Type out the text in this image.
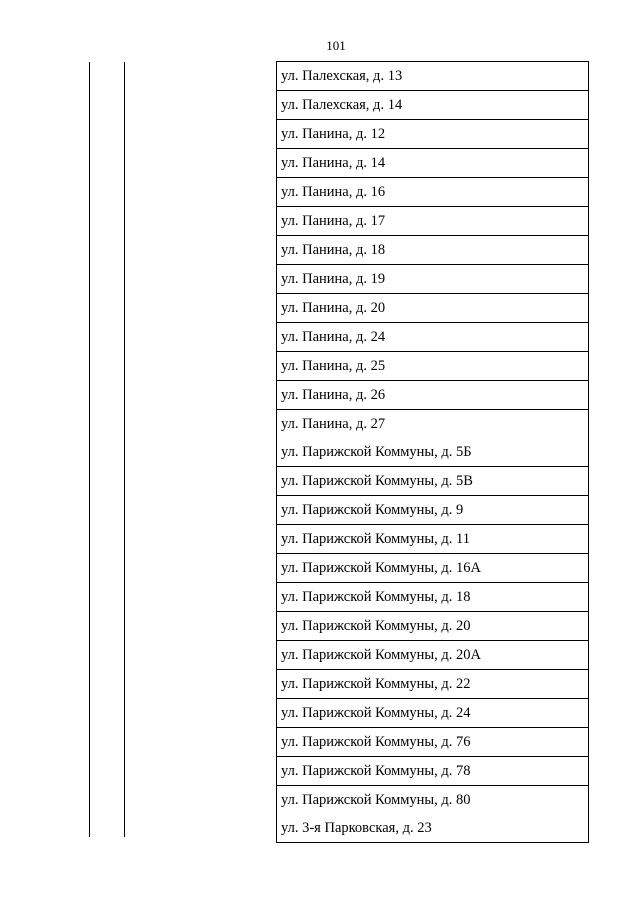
101
ул. Палехская, д. 13
ул. Палехская, д. 14
ул. Панина, д. 12
ул. Панина, д. 14
ул. Панина, д. 16
ул. Панина, д. 17
ул. Панина, д. 18
ул. Панина, д. 19
ул. Панина, д. 20
ул. Панина, д. 24
ул. Панина, д. 25
ул. Панина, д. 26
ул. Панина, д. 27
ул. Парижской Коммуны, д. 5Б
ул. Парижской Коммуны, д. 5В
ул. Парижской Коммуны, д. 9
ул. Парижской Коммуны, д. 11
ул. Парижской Коммуны, д. 16А
ул. Парижской Коммуны, д. 18
ул. Парижской Коммуны, д. 20
ул. Парижской Коммуны, д. 20А
ул. Парижской Коммуны, д. 22
ул. Парижской Коммуны, д. 24
ул. Парижской Коммуны, д. 76
ул. Парижской Коммуны, д. 78
ул. Парижской Коммуны, д. 80
ул. 3-я Парковская, д. 23
